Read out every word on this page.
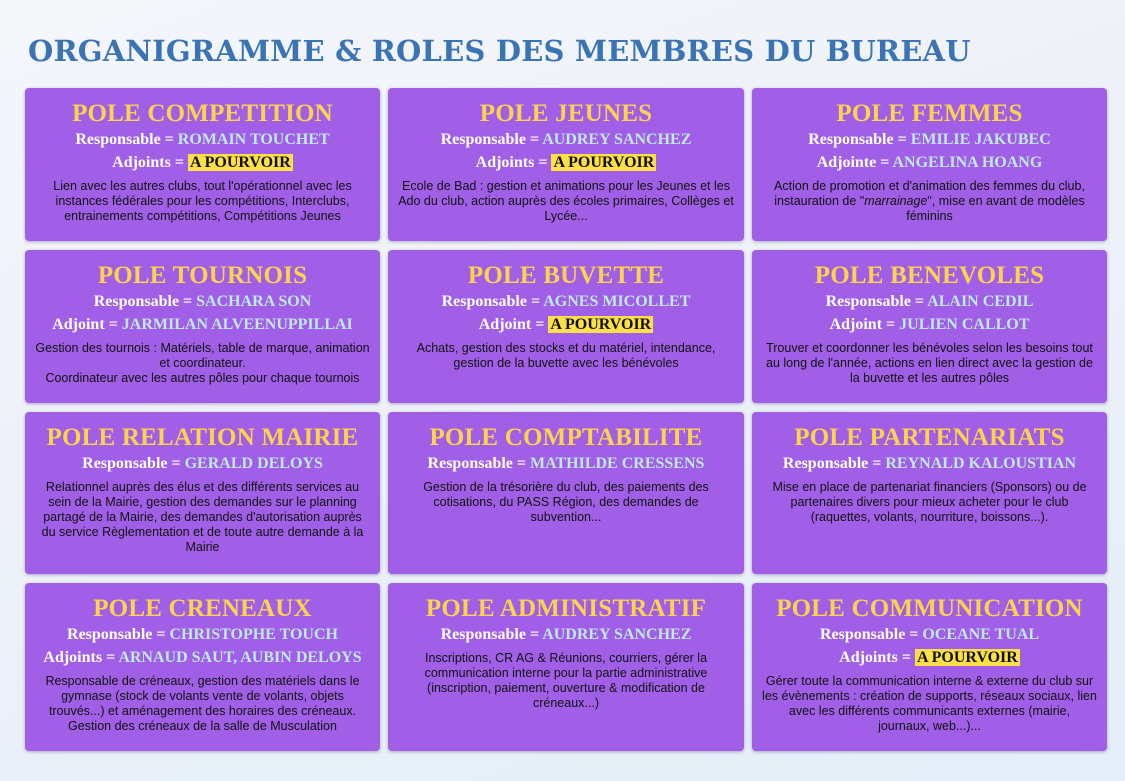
ORGANIGRAMME & ROLES DES MEMBRES DU BUREAU
POLE COMPETITION
Responsable = ROMAIN TOUCHET
Adjoints = A POURVOIR
Lien avec les autres clubs, tout l'opérationnel avec les instances fédérales pour les compétitions, Interclubs, entrainements compétitions, Compétitions Jeunes
POLE JEUNES
Responsable = AUDREY SANCHEZ
Adjoints = A POURVOIR
Ecole de Bad : gestion et animations pour les Jeunes et les Ado du club, action auprès des écoles primaires, Collèges et Lycée...
POLE FEMMES
Responsable = EMILIE JAKUBEC
Adjointe = ANGELINA HOANG
Action de promotion et d'animation des femmes du club, instauration de "marrainage", mise en avant de modèles féminins
POLE TOURNOIS
Responsable = SACHARA SON
Adjoint = JARMILAN ALVEENUPPILLAI
Gestion des tournois : Matériels, table de marque, animation et coordinateur.
Coordinateur avec les autres pôles pour chaque tournois
POLE BUVETTE
Responsable = AGNES MICOLLET
Adjoint = A POURVOIR
Achats, gestion des stocks et du matériel, intendance, gestion de la buvette avec les bénévoles
POLE BENEVOLES
Responsable = ALAIN CEDIL
Adjoint = JULIEN CALLOT
Trouver et coordonner les bénévoles selon les besoins tout au long de l'année, actions en lien direct avec la gestion de la buvette et les autres pôles
POLE RELATION MAIRIE
Responsable = GERALD DELOYS
Relationnel auprès des élus et des différents services au sein de la Mairie, gestion des demandes sur le planning partagé de la Mairie, des demandes d'autorisation auprès du service Règlementation et de toute autre demande à la Mairie
POLE COMPTABILITE
Responsable = MATHILDE CRESSENS
Gestion de la trésorière du club, des paiements des cotisations, du PASS Région, des demandes de subvention...
POLE PARTENARIATS
Responsable = REYNALD KALOUSTIAN
Mise en place de partenariat financiers (Sponsors) ou de partenaires divers pour mieux acheter pour le club (raquettes, volants, nourriture, boissons...).
POLE CRENEAUX
Responsable = CHRISTOPHE TOUCH
Adjoints = ARNAUD SAUT, AUBIN DELOYS
Responsable de créneaux, gestion des matériels dans le gymnase (stock de volants vente de volants, objets trouvés...) et aménagement des horaires des créneaux. Gestion des créneaux de la salle de Musculation
POLE ADMINISTRATIF
Responsable = AUDREY SANCHEZ
Inscriptions, CR AG & Réunions, courriers, gérer la communication interne pour la partie administrative (inscription, paiement, ouverture & modification de créneaux...)
POLE COMMUNICATION
Responsable = OCEANE TUAL
Adjoints = A POURVOIR
Gérer toute la communication interne & externe du club sur les évènements : création de supports, réseaux sociaux, lien avec les différents communicants externes (mairie, journaux, web...)...
